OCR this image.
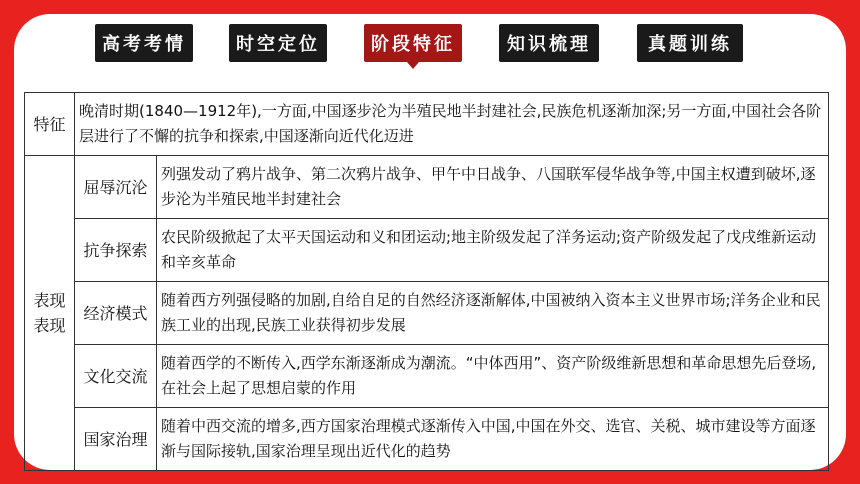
高考考情	时空定位	阶段特征	知识梳理	真题训练
特征	晚清时期(1840—1912年),一方面,中国逐步沦为半殖民地半封建社会,民族危机逐渐加深;另一方面,中国社会各阶层进行了不懈的抗争和探索,中国逐渐向近代化迈进	

表现
表现	屈辱沉沦	列强发动了鸦片战争、第二次鸦片战争、甲午中日战争、八国联军侵华战争等,中国主权遭到破坏,逐步沦为半殖民地半封建社会
	抗争探索	农民阶级掀起了太平天国运动和义和团运动;地主阶级发起了洋务运动;资产阶级发起了戊戌维新运动和辛亥革命
	经济模式	随着西方列强侵略的加剧,自给自足的自然经济逐渐解体,中国被纳入资本主义世界市场;洋务企业和民族工业的出现,民族工业获得初步发展
	文化交流	随着西学的不断传入,西学东渐逐渐成为潮流。“中体西用”、资产阶级维新思想和革命思想先后登场,在社会上起了思想启蒙的作用
	国家治理	随着中西交流的增多,西方国家治理模式逐渐传入中国,中国在外交、选官、关税、城市建设等方面逐渐与国际接轨,国家治理呈现出近代化的趋势
